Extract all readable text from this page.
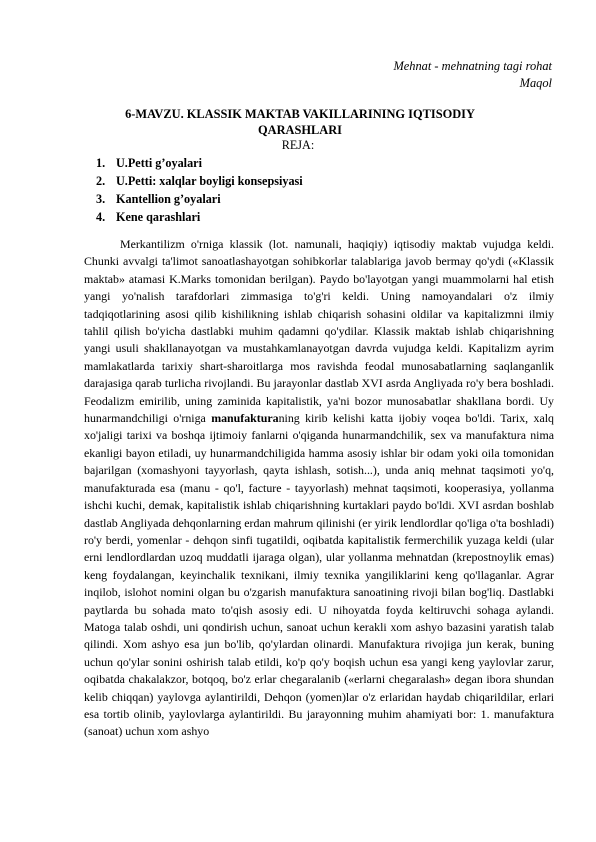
Mehnat - mehnatning tagi rohat
Maqol
6-MAVZU. KLASSIK MAKTAB VAKILLARINING IQTISODIY QARASHLARI
REJA:
1. U.Petti g’oyalari
2. U.Petti: xalqlar boyligi konsepsiyasi
3. Kantellion g’oyalari
4. Kene qarashlari

Merkantilizm o'rniga klassik (lot. namunali, haqiqiy) iqtisodiy maktab vujudga keldi. Chunki avvalgi ta'limot sanoatlashayotgan sohibkorlar talablariga javob bermay qo'ydi («Klassik maktab» atamasi K.Marks tomonidan berilgan). Paydo bo'layotgan yangi muammolarni hal etish yangi yo'nalish tarafdorlari zimmasiga to'g'ri keldi. Uning namoyandalari o'z ilmiy tadqiqotlarining asosi qilib kishilikning ishlab chiqarish sohasini oldilar va kapitalizmni ilmiy tahlil qilish bo'yicha dastlabki muhim qadamni qo'ydilar. Klassik maktab ishlab chiqarishning yangi usuli shakllanayotgan va mustahkamlanayotgan davrda vujudga keldi. Kapitalizm ayrim mamlakatlarda tarixiy shart-sharoitlarga mos ravishda feodal munosabatlarning saqlanganlik darajasiga qarab turlicha rivojlandi. Bu jarayonlar dastlab XVI asrda Angliyada ro'y bera boshladi. Feodalizm emirilib, uning zaminida kapitalistik, ya'ni bozor munosabatlar shakllana bordi. Uy hunarmandchiligi o'rniga manufakturaning kirib kelishi katta ijobiy voqea bo'ldi. Tarix, xalq xo'jaligi tarixi va boshqa ijtimoiy fanlarni o'qiganda hunarmandchilik, sex va manufaktura nima ekanligi bayon etiladi, uy hunarmandchiligida hamma asosiy ishlar bir odam yoki oila tomonidan bajarilgan (xomashyoni tayyorlash, qayta ishlash, sotish...), unda aniq mehnat taqsimoti yo'q, manufakturada esa (manu - qo'l, facture - tayyorlash) mehnat taqsimoti, kooperasiya, yollanma ishchi kuchi, demak, kapitalistik ishlab chiqarishning kurtaklari paydo bo'ldi. XVI asrdan boshlab dastlab Angliyada dehqonlarning erdan mahrum qilinishi (er yirik lendlordlar qo'liga o'ta boshladi) ro'y berdi, yomenlar - dehqon sinfi tugatildi, oqibatda kapitalistik fermerchilik yuzaga keldi (ular erni lendlordlardan uzoq muddatli ijaraga olgan), ular yollanma mehnatdan (krepostnoylik emas) keng foydalangan, keyinchalik texnikani, ilmiy texnika yangiliklarini keng qo'llaganlar. Agrar inqilob, islohot nomini olgan bu o'zgarish manufaktura sanoatining rivoji bilan bog'liq. Dastlabki paytlarda bu sohada mato to'qish asosiy edi. U nihoyatda foyda keltiruvchi sohaga aylandi. Matoga talab oshdi, uni qondirish uchun, sanoat uchun kerakli xom ashyo bazasini yaratish talab qilindi. Xom ashyo esa jun bo'lib, qo'ylardan olinardi. Manufaktura rivojiga jun kerak, buning uchun qo'ylar sonini oshirish talab etildi, ko'p qo'y boqish uchun esa yangi keng yaylovlar zarur, oqibatda chakalakzor, botqoq, bo'z erlar chegaralanib («erlarni chegaralash» degan ibora shundan kelib chiqqan) yaylovga aylantirildi, Dehqon (yomen)lar o'z erlaridan haydab chiqarildilar, erlari esa tortib olinib, yaylovlarga aylantirildi. Bu jarayonning muhim ahamiyati bor: 1. manufaktura (sanoat) uchun xom ashyo
